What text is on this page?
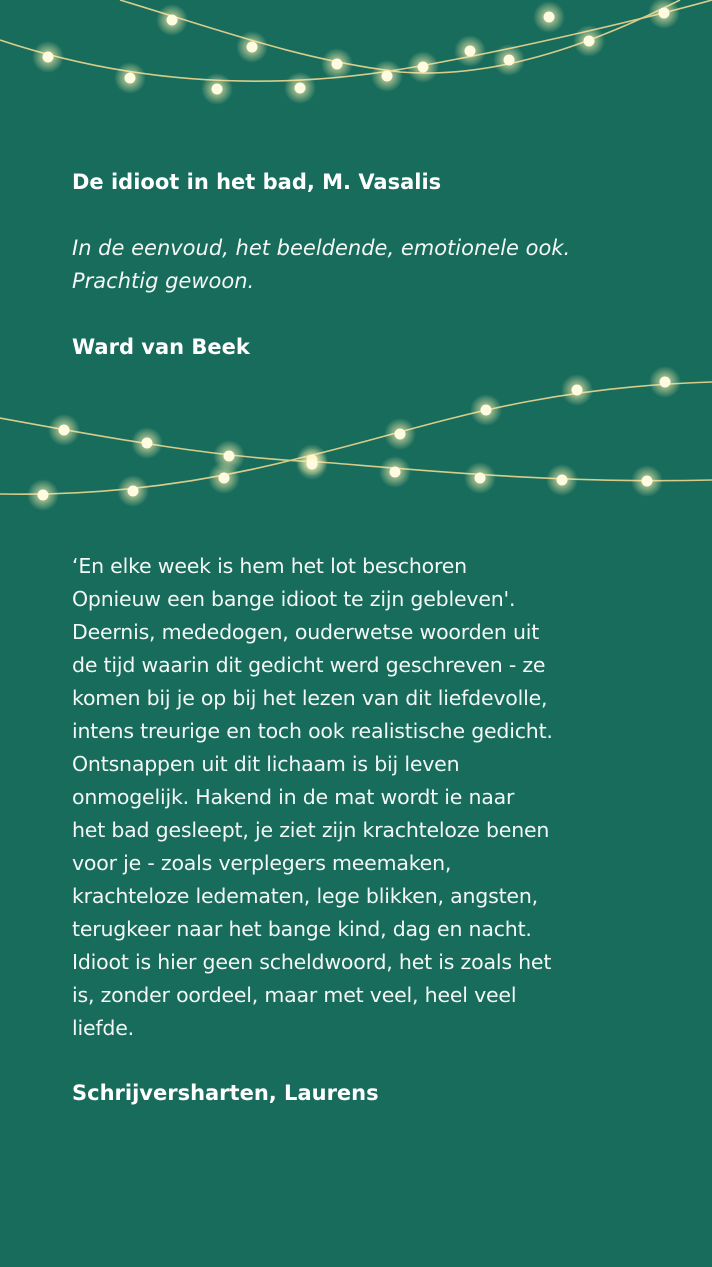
De idioot in het bad, M. Vasalis

In de eenvoud, het beeldende, emotionele ook.
Prachtig gewoon.

Ward van Beek

‘En elke week is hem het lot beschoren
Opnieuw een bange idioot te zijn gebleven'.
Deernis, mededogen, ouderwetse woorden uit
de tijd waarin dit gedicht werd geschreven - ze
komen bij je op bij het lezen van dit liefdevolle,
intens treurige en toch ook realistische gedicht.
Ontsnappen uit dit lichaam is bij leven
onmogelijk. Hakend in de mat wordt ie naar
het bad gesleept, je ziet zijn krachteloze benen
voor je - zoals verplegers meemaken,
krachteloze ledematen, lege blikken, angsten,
terugkeer naar het bange kind, dag en nacht.
Idioot is hier geen scheldwoord, het is zoals het
is, zonder oordeel, maar met veel, heel veel
liefde.

Schrijversharten, Laurens
